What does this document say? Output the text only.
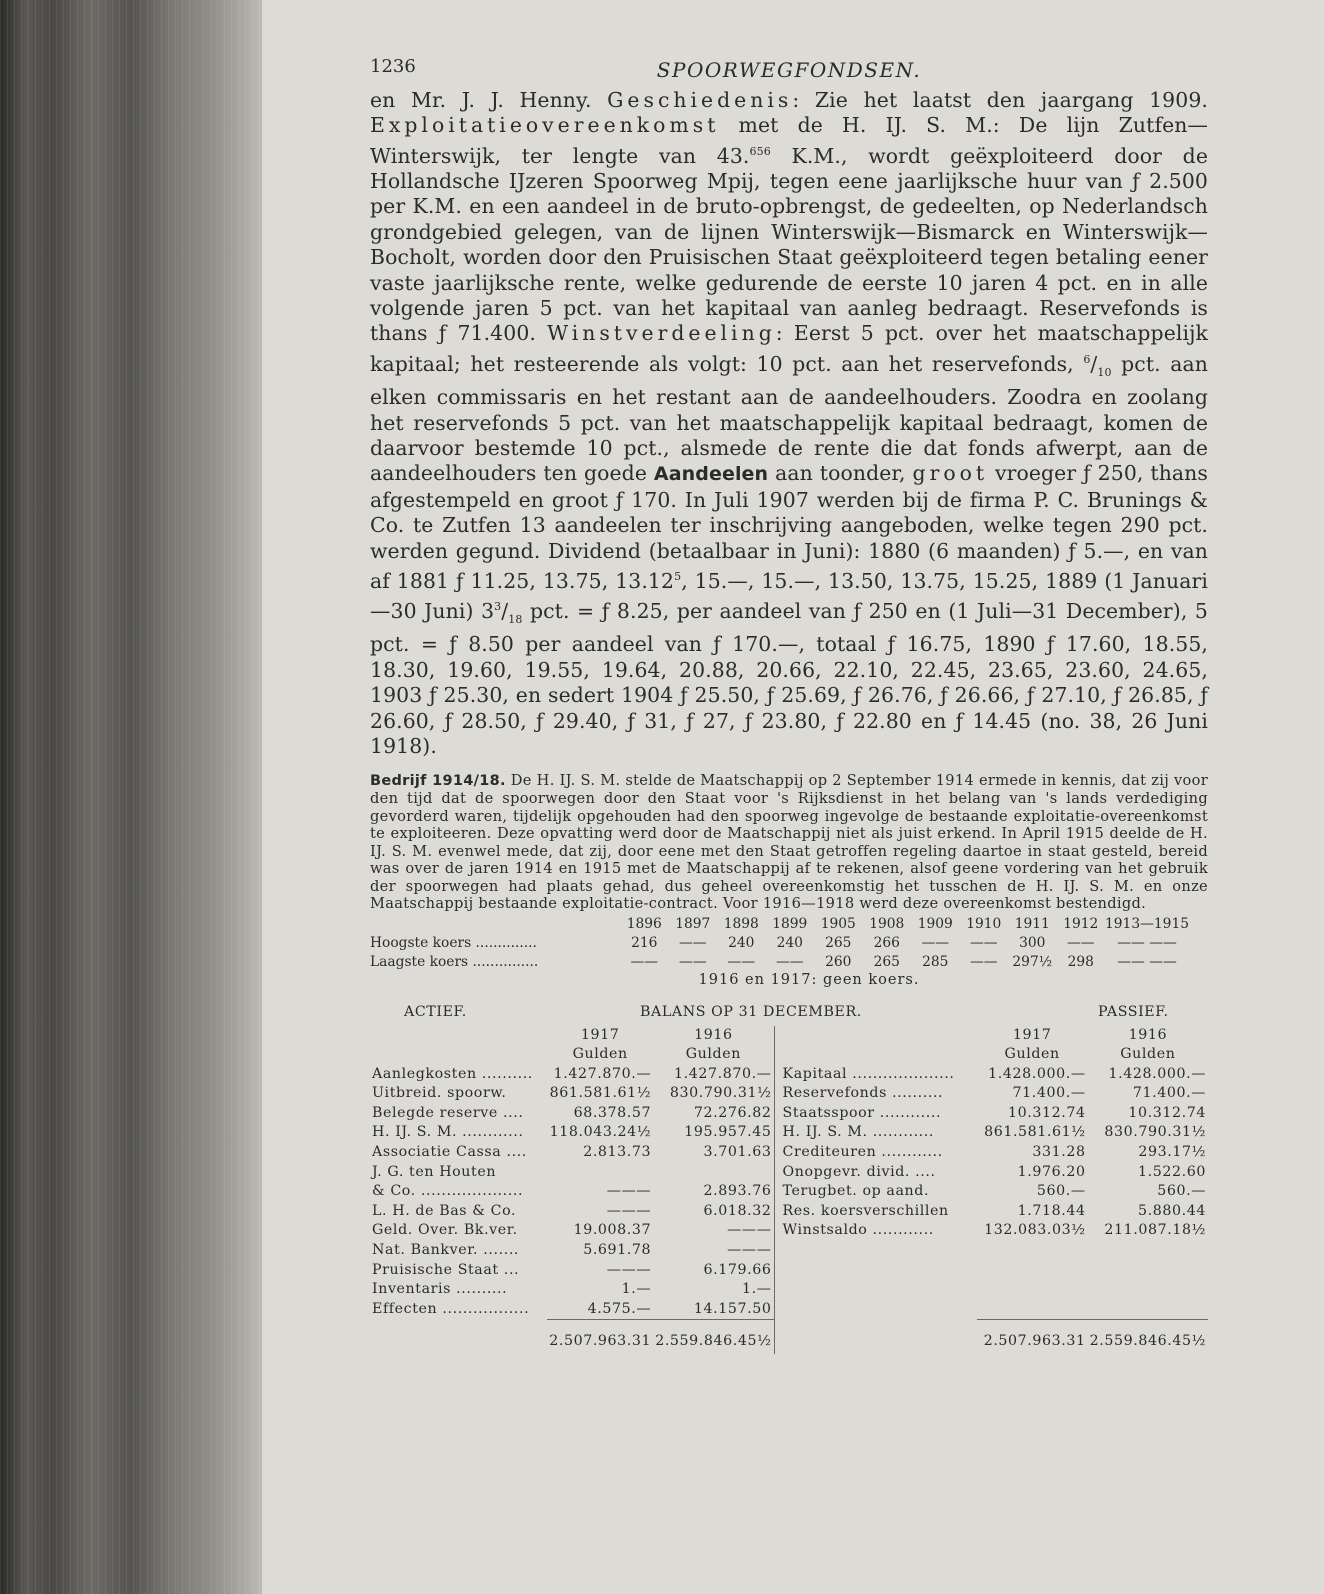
1236	SPOORWEGFONDSEN.

en Mr. J. J. Henny. Geschiedenis: Zie het laatst den jaargang 1909. Exploitatieovereenkomst met de H. IJ. S. M.: De lijn Zutfen—Winterswijk, ter lengte van 43.$^{656}$ K.M., wordt geëxploiteerd door de Hollandsche IJzeren Spoorweg Mpij, tegen eene jaarlijksche huur van ƒ 2.500 per K.M. en een aandeel in de bruto-opbrengst, de gedeelten, op Nederlandsch grondgebied gelegen, van de lijnen Winterswijk—Bismarck en Winterswijk—Bocholt, worden door den Pruisischen Staat geëxploiteerd tegen betaling eener vaste jaarlijksche rente, welke gedurende de eerste 10 jaren 4 pct. en in alle volgende jaren 5 pct. van het kapitaal van aanleg bedraagt. Reservefonds is thans ƒ 71.400. Winstverdeeling: Eerst 5 pct. over het maatschappelijk kapitaal; het resteerende als volgt: 10 pct. aan het reservefonds, $^6/_{10}$ pct. aan elken commissaris en het restant aan de aandeelhouders. Zoodra en zoolang het reservefonds 5 pct. van het maatschappelijk kapitaal bedraagt, komen de daarvoor bestemde 10 pct., alsmede de rente die dat fonds afwerpt, aan de aandeelhouders ten goede Aandeelen aan toonder, groot vroeger ƒ 250, thans afgestempeld en groot ƒ 170. In Juli 1907 werden bij de firma P. C. Brunings & Co. te Zutfen 13 aandeelen ter inschrijving aangeboden, welke tegen 290 pct. werden gegund. Dividend (betaalbaar in Juni): 1880 (6 maanden) ƒ 5.—, en van af 1881 ƒ 11.25, 13.75, 13.12$^5$, 15.—, 15.—, 13.50, 13.75, 15.25, 1889 (1 Januari—30 Juni) $3^3/_{18}$ pct. = ƒ 8.25, per aandeel van ƒ 250 en (1 Juli—31 December), 5 pct. = ƒ 8.50 per aandeel van ƒ 170.—, totaal ƒ 16.75, 1890 ƒ 17.60, 18.55, 18.30, 19.60, 19.55, 19.64, 20.88, 20.66, 22.10, 22.45, 23.65, 23.60, 24.65, 1903 ƒ 25.30, en sedert 1904 ƒ 25.50, ƒ 25.69, ƒ 26.76, ƒ 26.66, ƒ 27.10, ƒ 26.85, ƒ 26.60, ƒ 28.50, ƒ 29.40, ƒ 31, ƒ 27, ƒ 23.80, ƒ 22.80 en ƒ 14.45 (no. 38, 26 Juni 1918).

Bedrijf 1914/18. De H. IJ. S. M. stelde de Maatschappij op 2 September 1914 ermede in kennis, dat zij voor den tijd dat de spoorwegen door den Staat voor 's Rijksdienst in het belang van 's lands verdediging gevorderd waren, tijdelijk opgehouden had den spoorweg ingevolge de bestaande exploitatie-overeenkomst te exploiteeren. Deze opvatting werd door de Maatschappij niet als juist erkend. In April 1915 deelde de H. IJ. S. M. evenwel mede, dat zij, door eene met den Staat getroffen regeling daartoe in staat gesteld, bereid was over de jaren 1914 en 1915 met de Maatschappij af te rekenen, alsof geene vordering van het gebruik der spoorwegen had plaats gehad, dus geheel overeenkomstig het tusschen de H. IJ. S. M. en onze Maatschappij bestaande exploitatie-contract. Voor 1916—1918 werd deze overeenkomst bestendigd.

	1896	1897	1898	1899	1905	1908	1909	1910	1911	1912	1913—1915
Hoogste koers ..............	216	——	240	240	265	266	——	——	300	——	—— ——
Laagste koers ...............	——	——	——	——	260	265	285	——	297½	298	—— ——
1916 en 1917: geen koers.
ACTIEF.	BALANS OP 31 DECEMBER.	PASSIEF.
	1917	1916
	Gulden	Gulden
Aanlegkosten ..........	1.427.870.—	1.427.870.—
Uitbreid. spoorw.	861.581.61½	830.790.31½
Belegde reserve ....	68.378.57	72.276.82
H. IJ. S. M. ............	118.043.24½	195.957.45
Associatie Cassa ....	2.813.73	3.701.63
J. G. ten Houten		
& Co. ....................	———	2.893.76
L. H. de Bas & Co.	———	6.018.32
Geld. Over. Bk.ver.	19.008.37	———
Nat. Bankver. .......	5.691.78	———
Pruisische Staat ...	———	6.179.66
Inventaris ..........	1.—	1.—
Effecten .................	4.575.—	14.157.50
	2.507.963.31	2.559.846.45½
	1917	1916
	Gulden	Gulden
Kapitaal ....................	1.428.000.—	1.428.000.—
Reservefonds ..........	71.400.—	71.400.—
Staatsspoor ............	10.312.74	10.312.74
H. IJ. S. M. ............	861.581.61½	830.790.31½
Crediteuren ............	331.28	293.17½
Onopgevr. divid. ....	1.976.20	1.522.60
Terugbet. op aand.	560.—	560.—
Res. koersverschillen	1.718.44	5.880.44
Winstsaldo ............	132.083.03½	211.087.18½

	2.507.963.31	2.559.846.45½
